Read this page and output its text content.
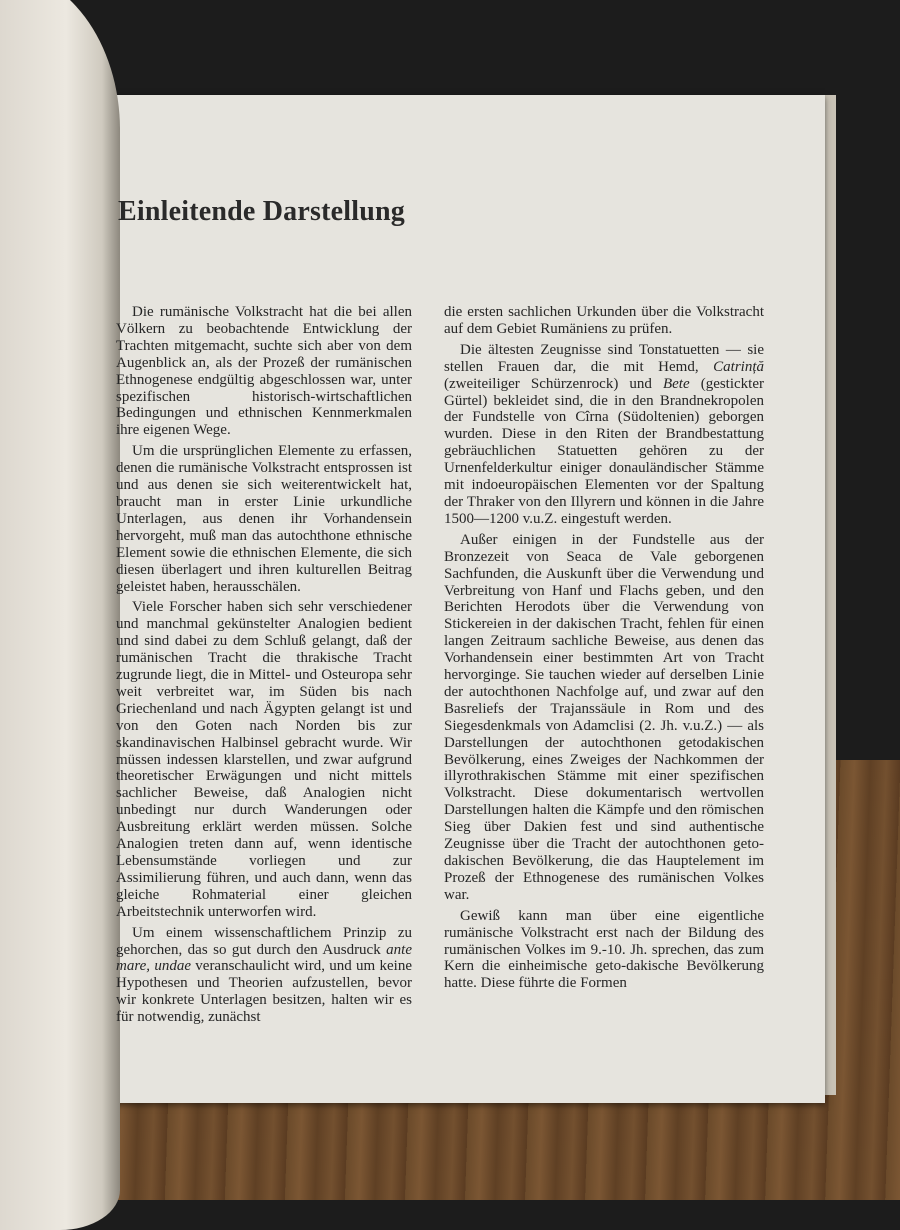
Einleitende Darstellung

Die rumänische Volkstracht hat die bei allen Völkern zu beobachtende Entwicklung der Trachten mitgemacht, suchte sich aber von dem Augenblick an, als der Prozeß der rumänischen Ethnogenese endgültig abgeschlossen war, unter spezifischen historisch-wirtschaftlichen Bedingungen und ethnischen Kennmerkmalen ihre eigenen Wege.

Um die ursprünglichen Elemente zu erfassen, denen die rumänische Volkstracht entsprossen ist und aus denen sie sich weiterentwickelt hat, braucht man in erster Linie urkundliche Unterlagen, aus denen ihr Vorhandensein hervorgeht, muß man das autochthone ethnische Element sowie die ethnischen Elemente, die sich diesen überlagert und ihren kulturellen Beitrag geleistet haben, herausschälen.

Viele Forscher haben sich sehr verschiedener und manchmal gekünstelter Analogien bedient und sind dabei zu dem Schluß gelangt, daß der rumänischen Tracht die thrakische Tracht zugrunde liegt, die in Mittel- und Osteuropa sehr weit verbreitet war, im Süden bis nach Griechenland und nach Ägypten gelangt ist und von den Goten nach Norden bis zur skandinavischen Halbinsel gebracht wurde. Wir müssen indessen klarstellen, und zwar aufgrund theoretischer Erwägungen und nicht mittels sachlicher Beweise, daß Analogien nicht unbedingt nur durch Wanderungen oder Ausbreitung erklärt werden müssen. Solche Analogien treten dann auf, wenn identische Lebensumstände vorliegen und zur Assimilierung führen, und auch dann, wenn das gleiche Rohmaterial einer gleichen Arbeitstechnik unterworfen wird.

Um einem wissenschaftlichem Prinzip zu gehorchen, das so gut durch den Ausdruck ante mare, undae veranschaulicht wird, und um keine Hypothesen und Theorien aufzustellen, bevor wir konkrete Unterlagen besitzen, halten wir es für notwendig, zunächst

die ersten sachlichen Urkunden über die Volkstracht auf dem Gebiet Rumäniens zu prüfen.

Die ältesten Zeugnisse sind Tonstatuetten — sie stellen Frauen dar, die mit Hemd, Catrință (zweiteiliger Schürzenrock) und Bete (gestickter Gürtel) bekleidet sind, die in den Brandnekropolen der Fundstelle von Cîrna (Südoltenien) geborgen wurden. Diese in den Riten der Brandbestattung gebräuchlichen Statuetten gehören zu der Urnenfelderkultur einiger donauländischer Stämme mit indoeuropäischen Elementen vor der Spaltung der Thraker von den Illyrern und können in die Jahre 1500—1200 v.u.Z. eingestuft werden.

Außer einigen in der Fundstelle aus der Bronzezeit von Seaca de Vale geborgenen Sachfunden, die Auskunft über die Verwendung und Verbreitung von Hanf und Flachs geben, und den Berichten Herodots über die Verwendung von Stickereien in der dakischen Tracht, fehlen für einen langen Zeitraum sachliche Beweise, aus denen das Vorhandensein einer bestimmten Art von Tracht hervorginge. Sie tauchen wieder auf derselben Linie der autochthonen Nachfolge auf, und zwar auf den Basreliefs der Trajanssäule in Rom und des Siegesdenkmals von Adamclisi (2. Jh. v.u.Z.) — als Darstellungen der autochthonen getodakischen Bevölkerung, eines Zweiges der Nachkommen der illyrothrakischen Stämme mit einer spezifischen Volkstracht. Diese dokumentarisch wertvollen Darstellungen halten die Kämpfe und den römischen Sieg über Dakien fest und sind authentische Zeugnisse über die Tracht der autochthonen geto-dakischen Bevölkerung, die das Hauptelement im Prozeß der Ethnogenese des rumänischen Volkes war.

Gewiß kann man über eine eigentliche rumänische Volkstracht erst nach der Bildung des rumänischen Volkes im 9.-10. Jh. sprechen, das zum Kern die einheimische geto-dakische Bevölkerung hatte. Diese führte die Formen
